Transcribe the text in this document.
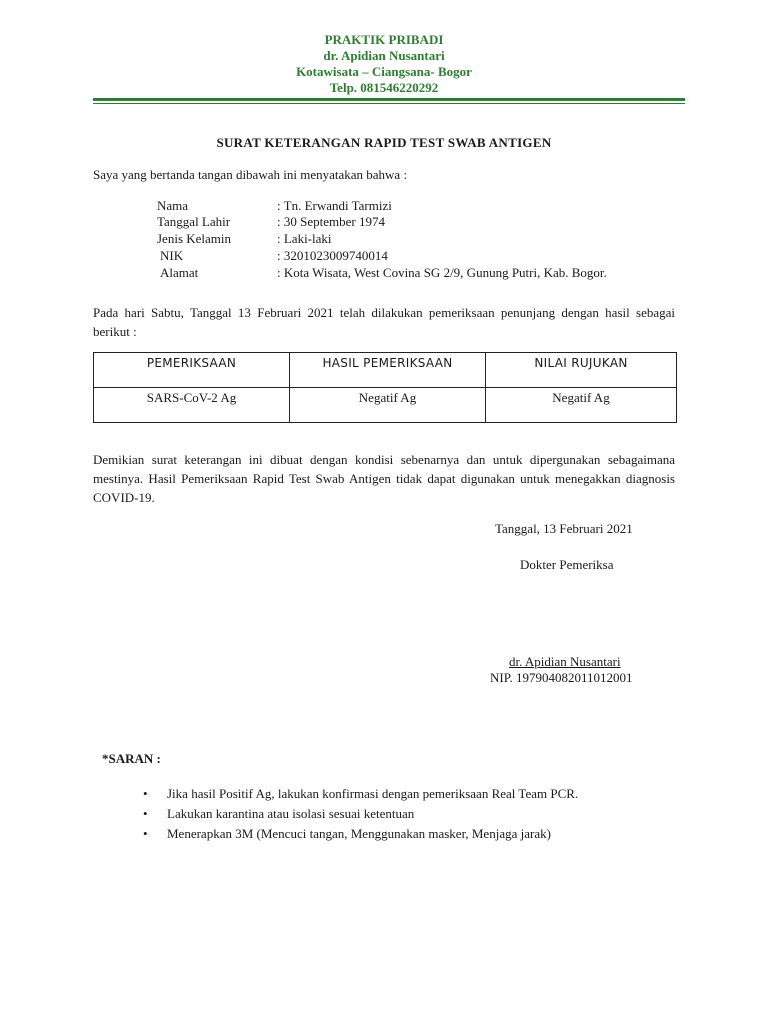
PRAKTIK PRIBADI
dr. Apidian Nusantari
Kotawisata – Ciangsana- Bogor
Telp. 081546220292
SURAT KETERANGAN RAPID TEST SWAB ANTIGEN
Saya yang bertanda tangan dibawah ini menyatakan bahwa :
Nama	: Tn. Erwandi Tarmizi
Tanggal Lahir	: 30 September 1974
Jenis Kelamin	: Laki-laki
NIK	: 3201023009740014
Alamat	: Kota Wisata, West Covina SG 2/9, Gunung Putri, Kab. Bogor.
Pada hari Sabtu, Tanggal 13 Februari 2021 telah dilakukan pemeriksaan penunjang dengan hasil sebagai berikut :
PEMERIKSAAN	HASIL PEMERIKSAAN	NILAI RUJUKAN
SARS-CoV-2 Ag	Negatif Ag	Negatif Ag
Demikian surat keterangan ini dibuat dengan kondisi sebenarnya dan untuk dipergunakan sebagaimana mestinya. Hasil Pemeriksaan Rapid Test Swab Antigen tidak dapat digunakan untuk menegakkan diagnosis COVID-19.
Tanggal, 13 Februari 2021
Dokter Pemeriksa
dr. Apidian Nusantari
NIP. 197904082011012001
*SARAN :
• Jika hasil Positif Ag, lakukan konfirmasi dengan pemeriksaan Real Team PCR.
• Lakukan karantina atau isolasi sesuai ketentuan
• Menerapkan 3M (Mencuci tangan, Menggunakan masker, Menjaga jarak)
